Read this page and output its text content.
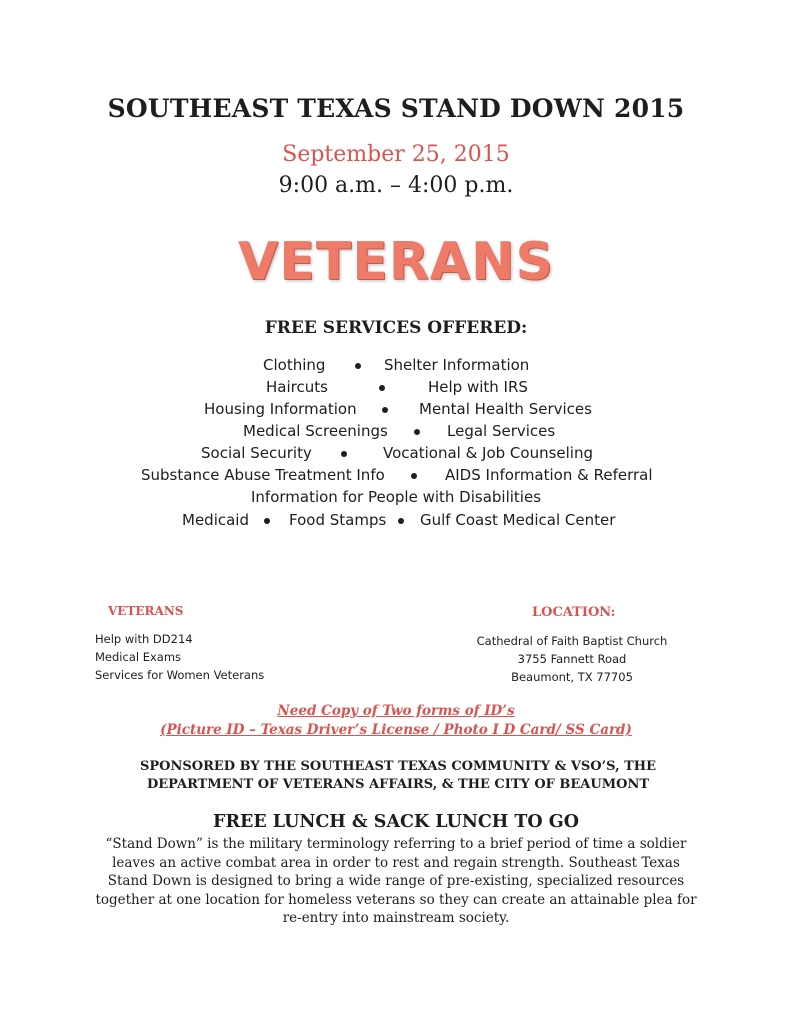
SOUTHEAST TEXAS STAND DOWN 2015
September 25, 2015
9:00 a.m. – 4:00 p.m.
VETERANS
FREE SERVICES OFFERED:
Clothing	Shelter Information
Haircuts	Help with IRS
Housing Information	Mental Health Services
Medical Screenings	Legal Services
Social Security	Vocational & Job Counseling
Substance Abuse Treatment Info	AIDS Information & Referral
Information for People with Disabilities
Medicaid	Food Stamps Gulf Coast Medical Center
VETERANS
Help with DD214
Medical Exams
Services for Women Veterans
LOCATION:
Cathedral of Faith Baptist Church
3755 Fannett Road
Beaumont, TX 77705
Need Copy of Two forms of ID’s
(Picture ID – Texas Driver’s License / Photo I D Card/ SS Card)
SPONSORED BY THE SOUTHEAST TEXAS COMMUNITY & VSO’S, THE DEPARTMENT OF VETERANS AFFAIRS, & THE CITY OF BEAUMONT
FREE LUNCH & SACK LUNCH TO GO
“Stand Down” is the military terminology referring to a brief period of time a soldier leaves an active combat area in order to rest and regain strength. Southeast Texas Stand Down is designed to bring a wide range of pre-existing, specialized resources together at one location for homeless veterans so they can create an attainable plea for re-entry into mainstream society.
